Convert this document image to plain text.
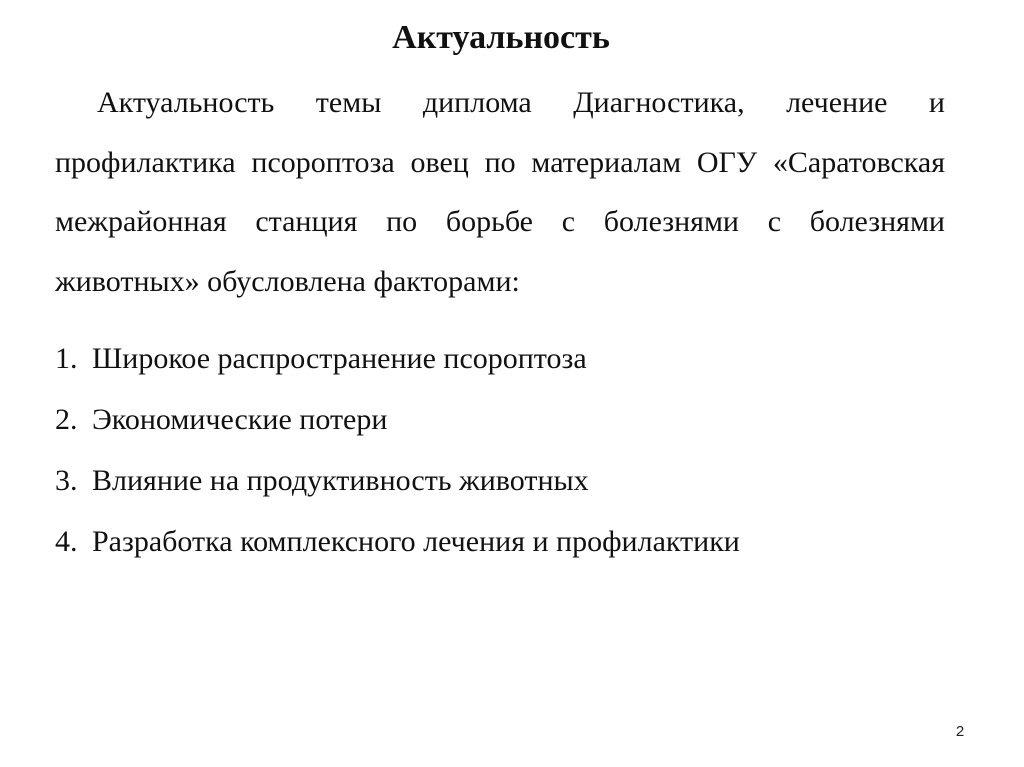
Актуальность

Актуальность темы диплома Диагностика, лечение и профилактика псороптоза овец по материалам ОГУ «Саратовская межрайонная станция по борьбе с болезнями с болезнями животных» обусловлена факторами:

1. Широкое распространение псороптоза
2. Экономические потери
3. Влияние на продуктивность животных
4. Разработка комплексного лечения и профилактики
2
